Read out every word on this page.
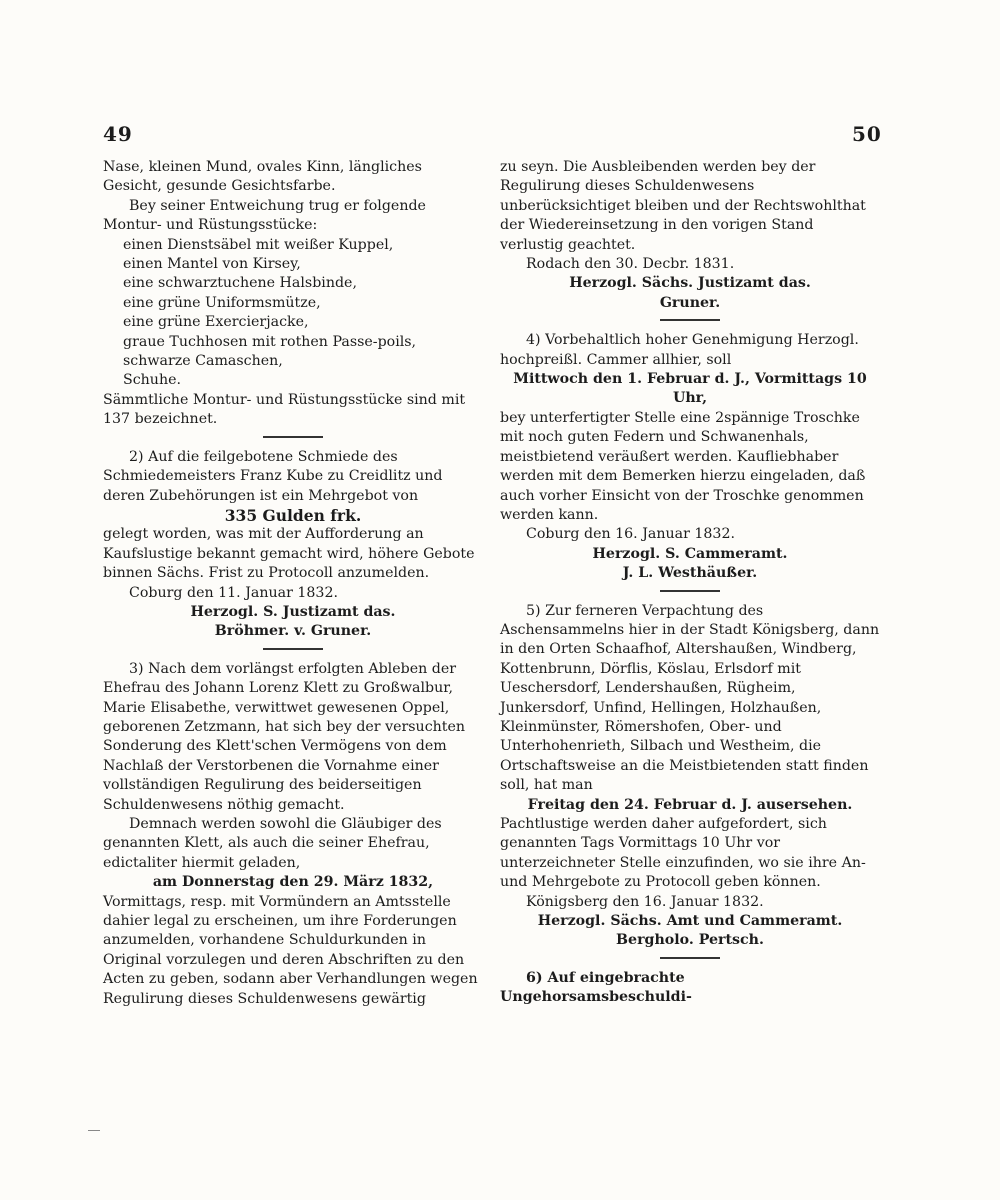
49	50

Nase, kleinen Mund, ovales Kinn, längliches Gesicht, gesunde Gesichtsfarbe.

Bey seiner Entweichung trug er folgende Montur- und Rüstungsstücke:

einen Dienstsäbel mit weißer Kuppel,
einen Mantel von Kirsey,
eine schwarztuchene Halsbinde,
eine grüne Uniformsmütze,
eine grüne Exercierjacke,
graue Tuchhosen mit rothen Passe-poils,
schwarze Camaschen,
Schuhe.

Sämmtliche Montur- und Rüstungsstücke sind mit 137 bezeichnet.

2) Auf die feilgebotene Schmiede des Schmiedemeisters Franz Kube zu Creidlitz und deren Zubehörungen ist ein Mehrgebot von

335 Gulden frk.

gelegt worden, was mit der Aufforderung an Kaufslustige bekannt gemacht wird, höhere Gebote binnen Sächs. Frist zu Protocoll anzumelden.

Coburg den 11. Januar 1832.

Herzogl. S. Justizamt das.

Bröhmer. v. Gruner.

3) Nach dem vorlängst erfolgten Ableben der Ehefrau des Johann Lorenz Klett zu Großwalbur, Marie Elisabethe, verwittwet gewesenen Oppel, geborenen Zetzmann, hat sich bey der versuchten Sonderung des Klett'schen Vermögens von dem Nachlaß der Verstorbenen die Vornahme einer vollständigen Regulirung des beiderseitigen Schuldenwesens nöthig gemacht.

Demnach werden sowohl die Gläubiger des genannten Klett, als auch die seiner Ehefrau, edictaliter hiermit geladen,

am Donnerstag den 29. März 1832,

Vormittags, resp. mit Vormündern an Amtsstelle dahier legal zu erscheinen, um ihre Forderungen anzumelden, vorhandene Schuldurkunden in Original vorzulegen und deren Abschriften zu den Acten zu geben, sodann aber Verhandlungen wegen Regulirung dieses Schuldenwesens gewärtig

zu seyn. Die Ausbleibenden werden bey der Regulirung dieses Schuldenwesens unberücksichtiget bleiben und der Rechtswohlthat der Wiedereinsetzung in den vorigen Stand verlustig geachtet.

Rodach den 30. Decbr. 1831.

Herzogl. Sächs. Justizamt das.

Gruner.

4) Vorbehaltlich hoher Genehmigung Herzogl. hochpreißl. Cammer allhier, soll

Mittwoch den 1. Februar d. J., Vormittags 10 Uhr,

bey unterfertigter Stelle eine 2spännige Troschke mit noch guten Federn und Schwanenhals, meistbietend veräußert werden. Kaufliebhaber werden mit dem Bemerken hierzu eingeladen, daß auch vorher Einsicht von der Troschke genommen werden kann.

Coburg den 16. Januar 1832.

Herzogl. S. Cammeramt.

J. L. Westhäußer.

5) Zur ferneren Verpachtung des Aschensammelns hier in der Stadt Königsberg, dann in den Orten Schaafhof, Altershaußen, Windberg, Kottenbrunn, Dörflis, Köslau, Erlsdorf mit Ueschersdorf, Lendershaußen, Rügheim, Junkersdorf, Unfind, Hellingen, Holzhaußen, Kleinmünster, Römershofen, Ober- und Unterhohenrieth, Silbach und Westheim, die Ortschaftsweise an die Meistbietenden statt finden soll, hat man

Freitag den 24. Februar d. J. ausersehen.

Pachtlustige werden daher aufgefordert, sich genannten Tags Vormittags 10 Uhr vor unterzeichneter Stelle einzufinden, wo sie ihre An- und Mehrgebote zu Protocoll geben können.

Königsberg den 16. Januar 1832.

Herzogl. Sächs. Amt und Cammeramt.

Bergholo. Pertsch.

6) Auf eingebrachte Ungehorsamsbeschuldi-
